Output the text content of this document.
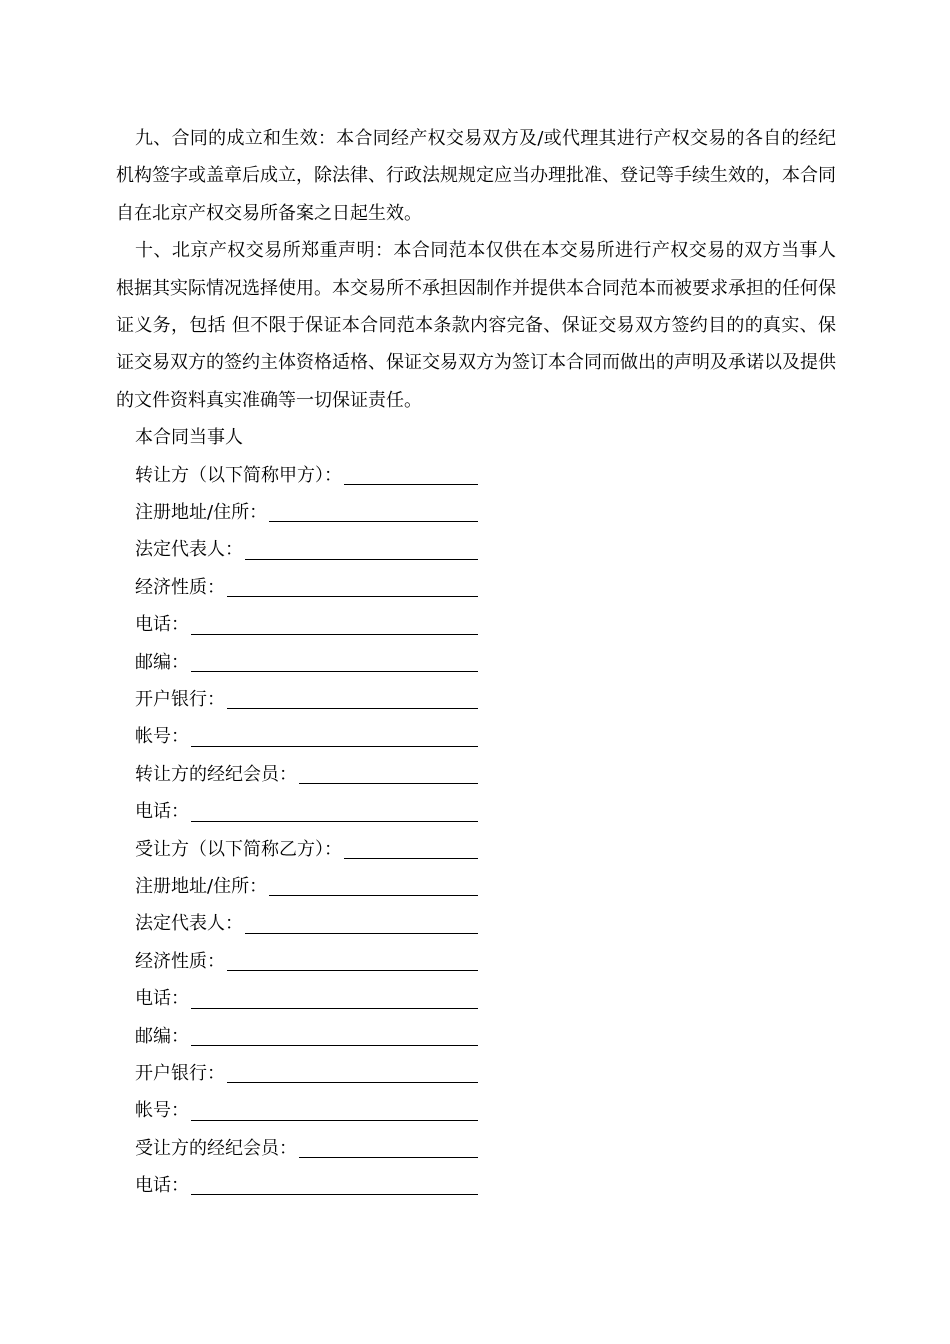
九、合同的成立和生效：本合同经产权交易双方及/或代理其进行产权交易的各自的经纪机构签字或盖章后成立，除法律、行政法规规定应当办理批准、登记等手续生效的，本合同自在北京产权交易所备案之日起生效。

十、北京产权交易所郑重声明：本合同范本仅供在本交易所进行产权交易的双方当事人根据其实际情况选择使用。本交易所不承担因制作并提供本合同范本而被要求承担的任何保证义务，包括 但不限于保证本合同范本条款内容完备、保证交易双方签约目的的真实、保证交易双方的签约主体资格适格、保证交易双方为签订本合同而做出的声明及承诺以及提供的文件资料真实准确等一切保证责任。

本合同当事人

转让方（以下简称甲方）：
注册地址/住所：
法定代表人：
经济性质：
电话：
邮编：
开户银行：
帐号：
转让方的经纪会员：
电话：
受让方（以下简称乙方）：
注册地址/住所：
法定代表人：
经济性质：
电话：
邮编：
开户银行：
帐号：
受让方的经纪会员：
电话：
